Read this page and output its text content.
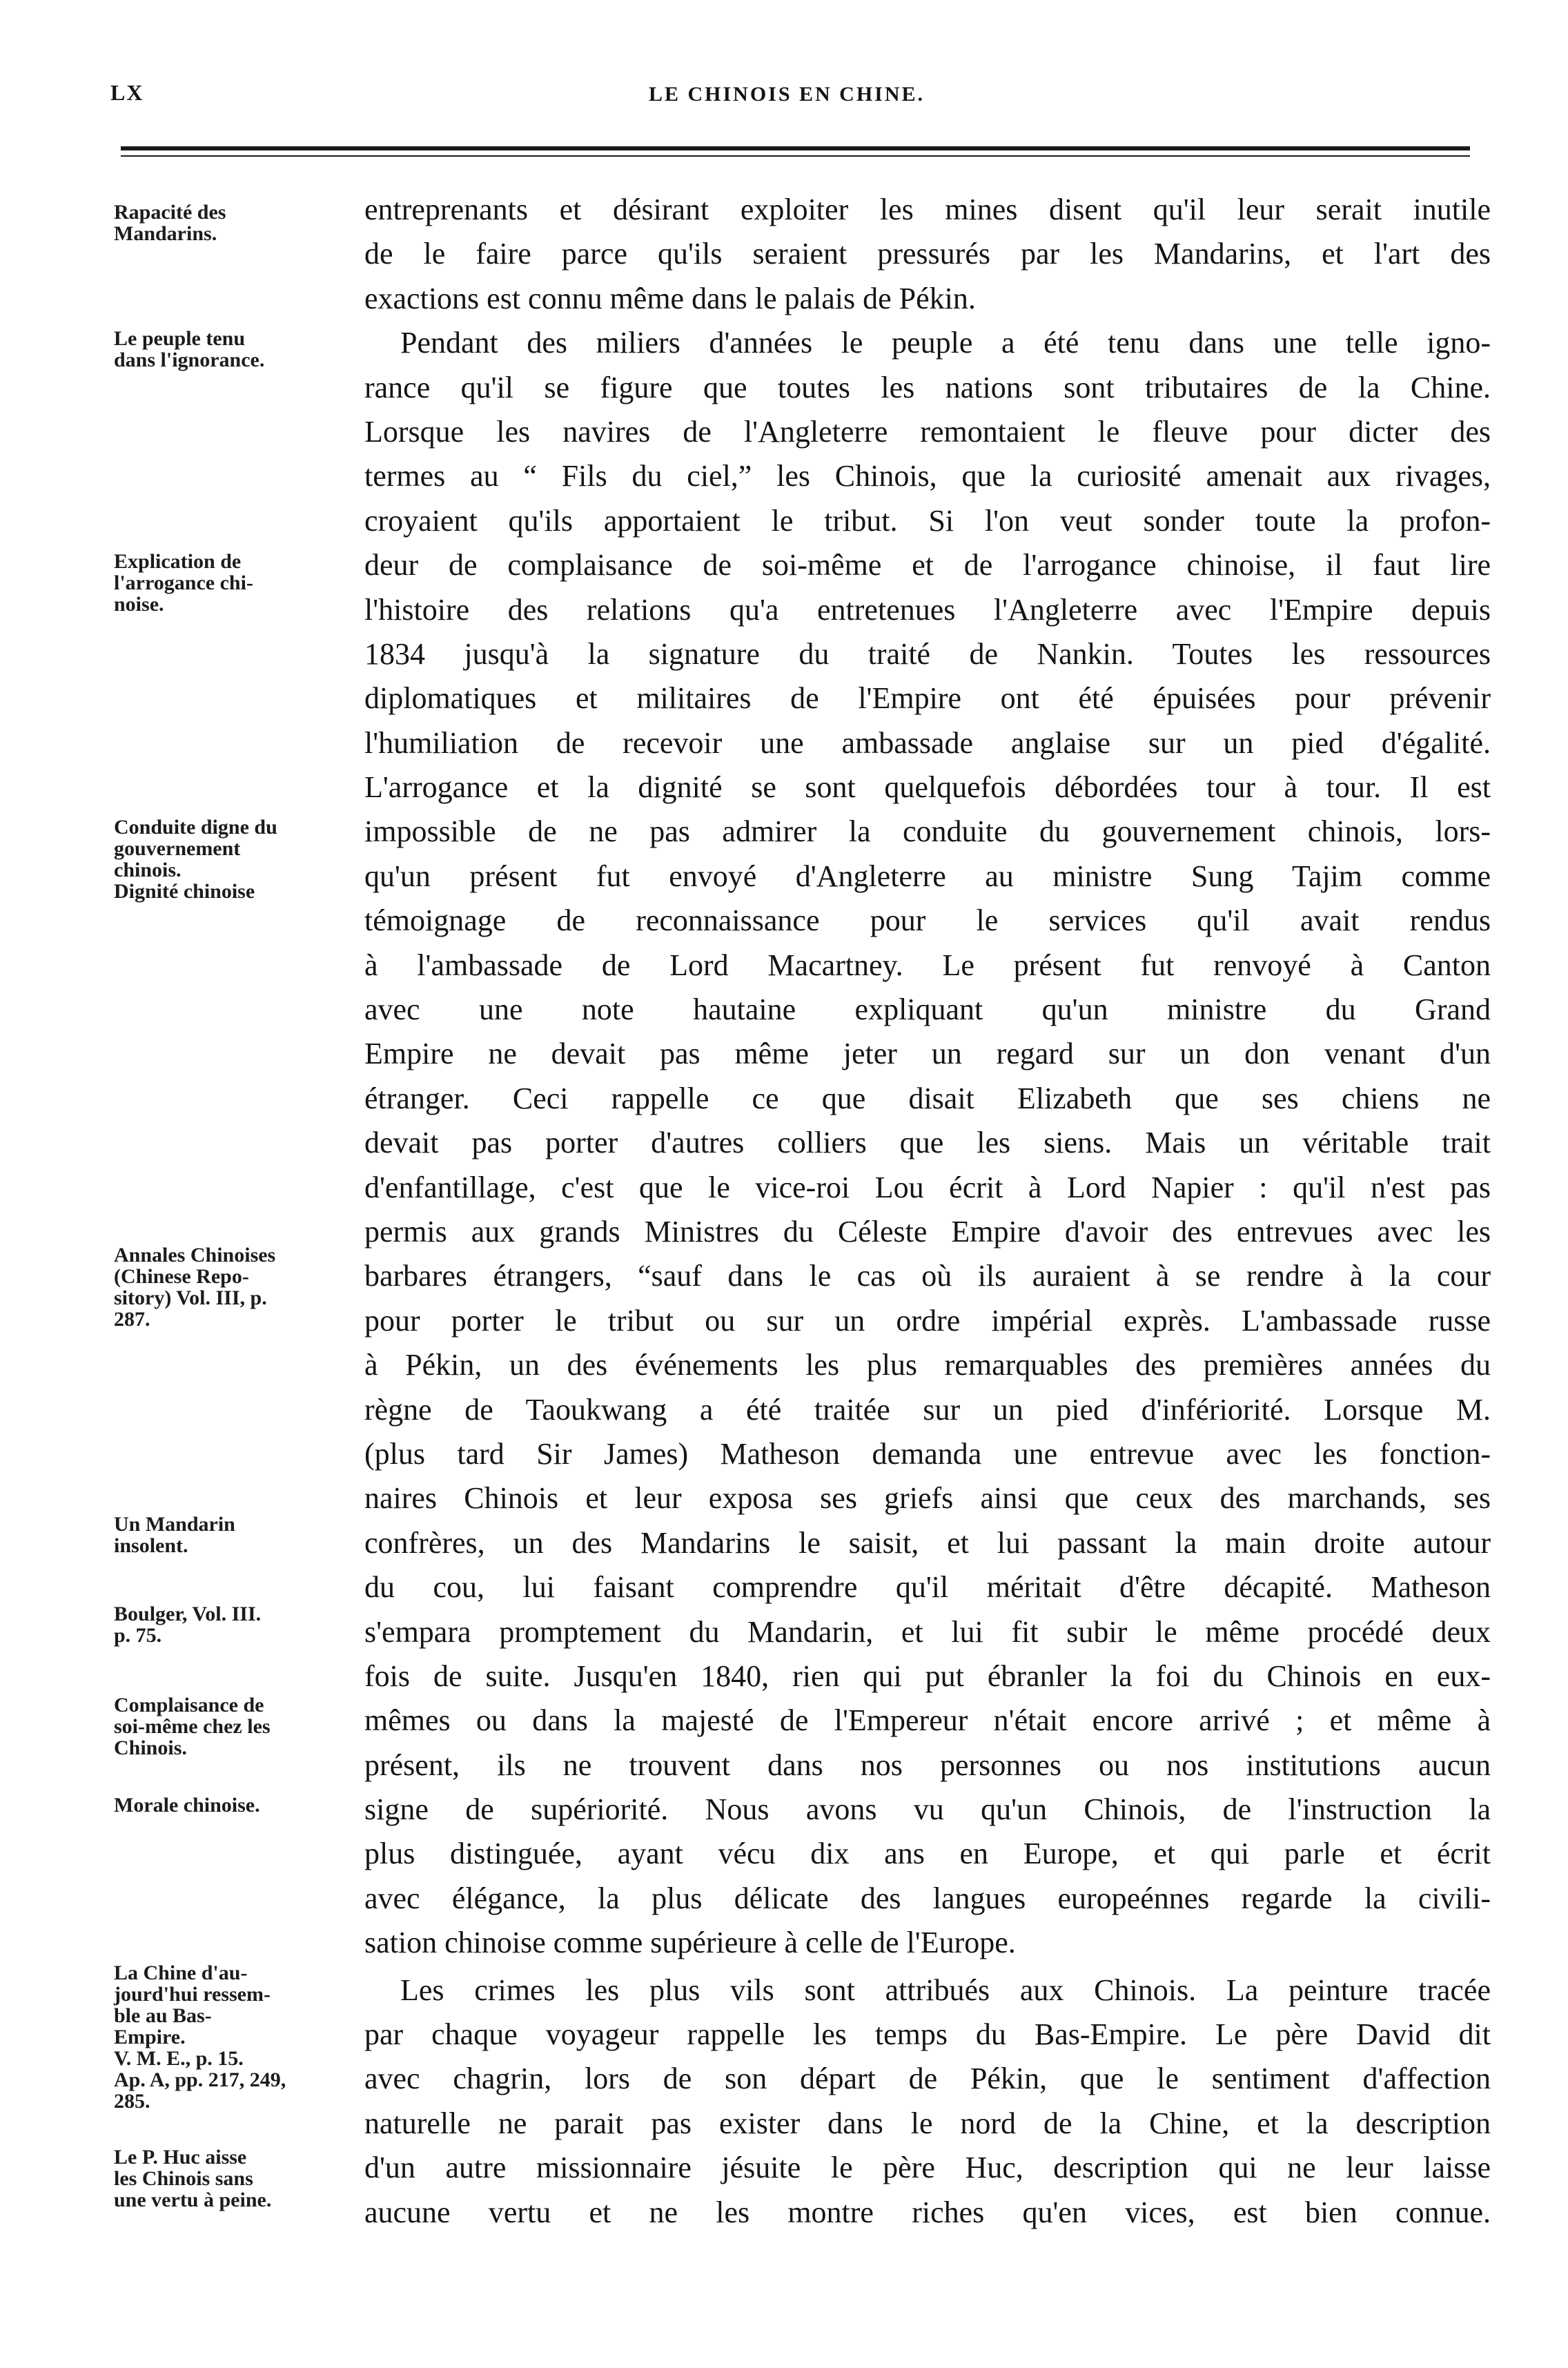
LX	LE CHINOIS EN CHINE.
Rapacité des
Mandarins.
Le peuple tenu
dans l'ignorance.
Explication de
l'arrogance chi-
noise.
Conduite digne du
gouvernement
chinois.
Dignité chinoise
Annales Chinoises
(Chinese Repo-
sitory) Vol. III, p.
287.
Un Mandarin
insolent.
Boulger, Vol. III.
p. 75.
Complaisance de
soi-même chez les
Chinois.
Morale chinoise.
La Chine d'au-
jourd'hui ressem-
ble au Bas-
Empire.
V. M. E., p. 15.
Ap. A, pp. 217, 249,
285.
Le P. Huc aisse
les Chinois sans
une vertu à peine.
entreprenants et désirant exploiter les mines disent qu'il leur serait inutile
de le faire parce qu'ils seraient pressurés par les Mandarins, et l'art des
exactions est connu même dans le palais de Pékin.
Pendant des miliers d'années le peuple a été tenu dans une telle igno-
rance qu'il se figure que toutes les nations sont tributaires de la Chine.
Lorsque les navires de l'Angleterre remontaient le fleuve pour dicter des
termes au “ Fils du ciel,” les Chinois, que la curiosité amenait aux rivages,
croyaient qu'ils apportaient le tribut. Si l'on veut sonder toute la profon-
deur de complaisance de soi-même et de l'arrogance chinoise, il faut lire
l'histoire des relations qu'a entretenues l'Angleterre avec l'Empire depuis
1834 jusqu'à la signature du traité de Nankin. Toutes les ressources
diplomatiques et militaires de l'Empire ont été épuisées pour prévenir
l'humiliation de recevoir une ambassade anglaise sur un pied d'égalité.
L'arrogance et la dignité se sont quelquefois débordées tour à tour. Il est
impossible de ne pas admirer la conduite du gouvernement chinois, lors-
qu'un présent fut envoyé d'Angleterre au ministre Sung Tajim comme
témoignage de reconnaissance pour le services qu'il avait rendus
à l'ambassade de Lord Macartney. Le présent fut renvoyé à Canton
avec une note hautaine expliquant qu'un ministre du Grand
Empire ne devait pas même jeter un regard sur un don venant d'un
étranger. Ceci rappelle ce que disait Elizabeth que ses chiens ne
devait pas porter d'autres colliers que les siens. Mais un véritable trait
d'enfantillage, c'est que le vice-roi Lou écrit à Lord Napier : qu'il n'est pas
permis aux grands Ministres du Céleste Empire d'avoir des entrevues avec les
barbares étrangers, “sauf dans le cas où ils auraient à se rendre à la cour
pour porter le tribut ou sur un ordre impérial exprès. L'ambassade russe
à Pékin, un des événements les plus remarquables des premières années du
règne de Taoukwang a été traitée sur un pied d'infériorité. Lorsque M.
(plus tard Sir James) Matheson demanda une entrevue avec les fonction-
naires Chinois et leur exposa ses griefs ainsi que ceux des marchands, ses
confrères, un des Mandarins le saisit, et lui passant la main droite autour
du cou, lui faisant comprendre qu'il méritait d'être décapité. Matheson
s'empara promptement du Mandarin, et lui fit subir le même procédé deux
fois de suite. Jusqu'en 1840, rien qui put ébranler la foi du Chinois en eux-
mêmes ou dans la majesté de l'Empereur n'était encore arrivé ; et même à
présent, ils ne trouvent dans nos personnes ou nos institutions aucun
signe de supériorité. Nous avons vu qu'un Chinois, de l'instruction la
plus distinguée, ayant vécu dix ans en Europe, et qui parle et écrit
avec élégance, la plus délicate des langues europeénnes regarde la civili-
sation chinoise comme supérieure à celle de l'Europe.
Les crimes les plus vils sont attribués aux Chinois. La peinture tracée
par chaque voyageur rappelle les temps du Bas-Empire. Le père David dit
avec chagrin, lors de son départ de Pékin, que le sentiment d'affection
naturelle ne parait pas exister dans le nord de la Chine, et la description
d'un autre missionnaire jésuite le père Huc, description qui ne leur laisse
aucune vertu et ne les montre riches qu'en vices, est bien connue.
